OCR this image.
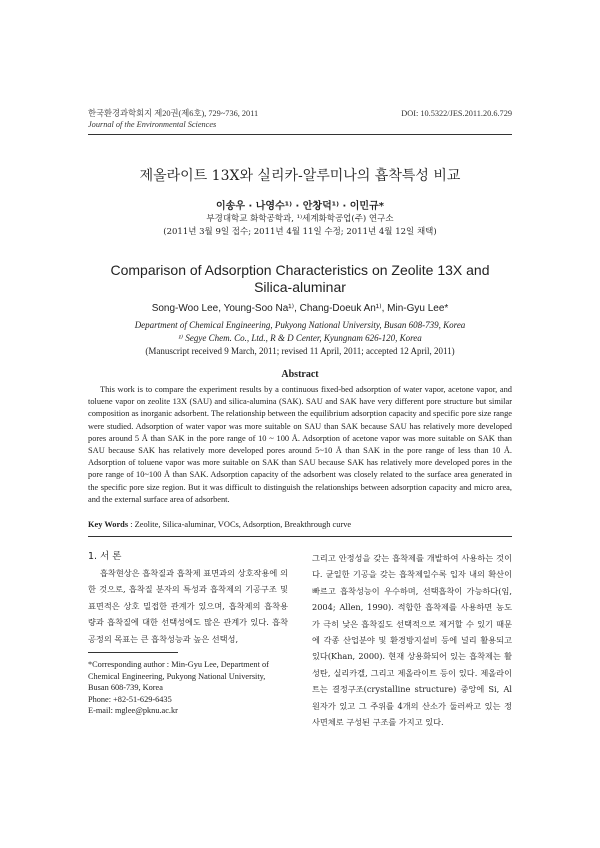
한국환경과학회지 제20권(제6호), 729~736, 2011
Journal of the Environmental Sciences
DOI: 10.5322/JES.2011.20.6.729
제올라이트 13X와 실리카-알루미나의 흡착특성 비교
이송우 · 나영수¹⁾ · 안창덕¹⁾ · 이민규*
부경대학교 화학공학과, ¹⁾세계화학공업(주) 연구소
(2011년 3월 9일 접수; 2011년 4월 11일 수정; 2011년 4월 12일 채택)
Comparison of Adsorption Characteristics on Zeolite 13X and
Silica-aluminar
Song-Woo Lee, Young-Soo Na¹⁾, Chang-Doeuk An¹⁾, Min-Gyu Lee*
Department of Chemical Engineering, Pukyong National University, Busan 608-739, Korea
¹⁾ Segye Chem. Co., Ltd., R & D Center, Kyungnam 626-120, Korea
(Manuscript received 9 March, 2011; revised 11 April, 2011; accepted 12 April, 2011)
Abstract
This work is to compare the experiment results by a continuous fixed-bed adsorption of water vapor, acetone vapor, and toluene vapor on zeolite 13X (SAU) and silica-alumina (SAK). SAU and SAK have very different pore structure but similar composition as inorganic adsorbent. The relationship between the equilibrium adsorption capacity and specific pore size range were studied. Adsorption of water vapor was more suitable on SAU than SAK because SAU has relatively more developed pores around 5 Å than SAK in the pore range of 10 ~ 100 Å. Adsorption of acetone vapor was more suitable on SAK than SAU because SAK has relatively more developed pores around 5~10 Å than SAK in the pore range of less than 10 Å. Adsorption of toluene vapor was more suitable on SAK than SAU because SAK has relatively more developed pores in the pore range of 10~100 Å than SAK. Adsorption capacity of the adsorbent was closely related to the surface area generated in the specific pore size region. But it was difficult to distinguish the relationships between adsorption capacity and micro area, and the external surface area of adsorbent.
Key Words : Zeolite, Silica-aluminar, VOCs, Adsorption, Breakthrough curve
1. 서 론
흡착현상은 흡착질과 흡착제 표면과의 상호작용에 의한 것으로, 흡착질 분자의 특성과 흡착제의 기공구조 및 표면적은 상호 밀접한 관계가 있으며, 흡착제의 흡착용량과 흡착질에 대한 선택성에도 많은 관계가 있다. 흡착공정의 목표는 큰 흡착성능과 높은 선택성,
*Corresponding author : Min-Gyu Lee, Department of Chemical Engineering, Pukyong National University, Busan 608-739, Korea
Phone: +82-51-629-6435
E-mail: mglee@pknu.ac.kr
그리고 안정성을 갖는 흡착제를 개발하여 사용하는 것이다. 균일한 기공을 갖는 흡착제일수록 입자 내의 확산이 빠르고 흡착성능이 우수하며, 선택흡착이 가능하다(임, 2004; Allen, 1990). 적합한 흡착제를 사용하면 농도가 극히 낮은 흡착질도 선택적으로 제거할 수 있기 때문에 각종 산업분야 및 환경방지설비 등에 널리 활용되고 있다(Khan, 2000). 현재 상용화되어 있는 흡착제는 활성탄, 실리카겔, 그리고 제올라이트 등이 있다. 제올라이트는 결정구조(crystalline structure) 중앙에 Si, Al 원자가 있고 그 주위를 4개의 산소가 둘러싸고 있는 정사면체로 구성된 구조를 가지고 있다.
